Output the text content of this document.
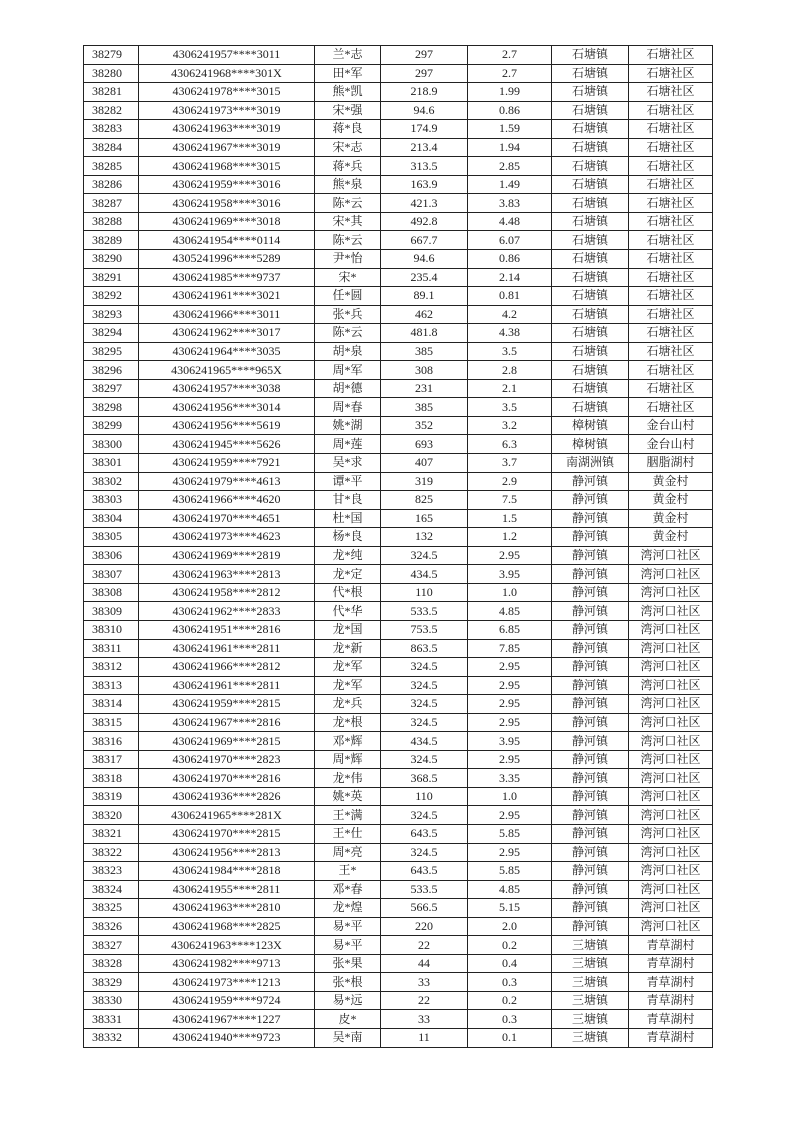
38279	4306241957****3011	兰*志	297	2.7	石塘镇	石塘社区
38280	4306241968****301X	田*军	297	2.7	石塘镇	石塘社区
38281	4306241978****3015	熊*凯	218.9	1.99	石塘镇	石塘社区
38282	4306241973****3019	宋*强	94.6	0.86	石塘镇	石塘社区
38283	4306241963****3019	蒋*良	174.9	1.59	石塘镇	石塘社区
38284	4306241967****3019	宋*志	213.4	1.94	石塘镇	石塘社区
38285	4306241968****3015	蒋*兵	313.5	2.85	石塘镇	石塘社区
38286	4306241959****3016	熊*泉	163.9	1.49	石塘镇	石塘社区
38287	4306241958****3016	陈*云	421.3	3.83	石塘镇	石塘社区
38288	4306241969****3018	宋*其	492.8	4.48	石塘镇	石塘社区
38289	4306241954****0114	陈*云	667.7	6.07	石塘镇	石塘社区
38290	4305241996****5289	尹*怡	94.6	0.86	石塘镇	石塘社区
38291	4306241985****9737	宋*	235.4	2.14	石塘镇	石塘社区
38292	4306241961****3021	任*圆	89.1	0.81	石塘镇	石塘社区
38293	4306241966****3011	张*兵	462	4.2	石塘镇	石塘社区
38294	4306241962****3017	陈*云	481.8	4.38	石塘镇	石塘社区
38295	4306241964****3035	胡*泉	385	3.5	石塘镇	石塘社区
38296	4306241965****965X	周*军	308	2.8	石塘镇	石塘社区
38297	4306241957****3038	胡*德	231	2.1	石塘镇	石塘社区
38298	4306241956****3014	周*春	385	3.5	石塘镇	石塘社区
38299	4306241956****5619	姚*湖	352	3.2	樟树镇	金台山村
38300	4306241945****5626	周*莲	693	6.3	樟树镇	金台山村
38301	4306241959****7921	吴*求	407	3.7	南湖洲镇	胭脂湖村
38302	4306241979****4613	谭*平	319	2.9	静河镇	黄金村
38303	4306241966****4620	甘*良	825	7.5	静河镇	黄金村
38304	4306241970****4651	杜*国	165	1.5	静河镇	黄金村
38305	4306241973****4623	杨*良	132	1.2	静河镇	黄金村
38306	4306241969****2819	龙*纯	324.5	2.95	静河镇	湾河口社区
38307	4306241963****2813	龙*定	434.5	3.95	静河镇	湾河口社区
38308	4306241958****2812	代*根	110	1.0	静河镇	湾河口社区
38309	4306241962****2833	代*华	533.5	4.85	静河镇	湾河口社区
38310	4306241951****2816	龙*国	753.5	6.85	静河镇	湾河口社区
38311	4306241961****2811	龙*新	863.5	7.85	静河镇	湾河口社区
38312	4306241966****2812	龙*军	324.5	2.95	静河镇	湾河口社区
38313	4306241961****2811	龙*军	324.5	2.95	静河镇	湾河口社区
38314	4306241959****2815	龙*兵	324.5	2.95	静河镇	湾河口社区
38315	4306241967****2816	龙*根	324.5	2.95	静河镇	湾河口社区
38316	4306241969****2815	邓*辉	434.5	3.95	静河镇	湾河口社区
38317	4306241970****2823	周*辉	324.5	2.95	静河镇	湾河口社区
38318	4306241970****2816	龙*伟	368.5	3.35	静河镇	湾河口社区
38319	4306241936****2826	姚*英	110	1.0	静河镇	湾河口社区
38320	4306241965****281X	王*满	324.5	2.95	静河镇	湾河口社区
38321	4306241970****2815	王*仕	643.5	5.85	静河镇	湾河口社区
38322	4306241956****2813	周*亮	324.5	2.95	静河镇	湾河口社区
38323	4306241984****2818	王*	643.5	5.85	静河镇	湾河口社区
38324	4306241955****2811	邓*春	533.5	4.85	静河镇	湾河口社区
38325	4306241963****2810	龙*煌	566.5	5.15	静河镇	湾河口社区
38326	4306241968****2825	易*平	220	2.0	静河镇	湾河口社区
38327	4306241963****123X	易*平	22	0.2	三塘镇	青草湖村
38328	4306241982****9713	张*果	44	0.4	三塘镇	青草湖村
38329	4306241973****1213	张*根	33	0.3	三塘镇	青草湖村
38330	4306241959****9724	易*远	22	0.2	三塘镇	青草湖村
38331	4306241967****1227	皮*	33	0.3	三塘镇	青草湖村
38332	4306241940****9723	吴*南	11	0.1	三塘镇	青草湖村
